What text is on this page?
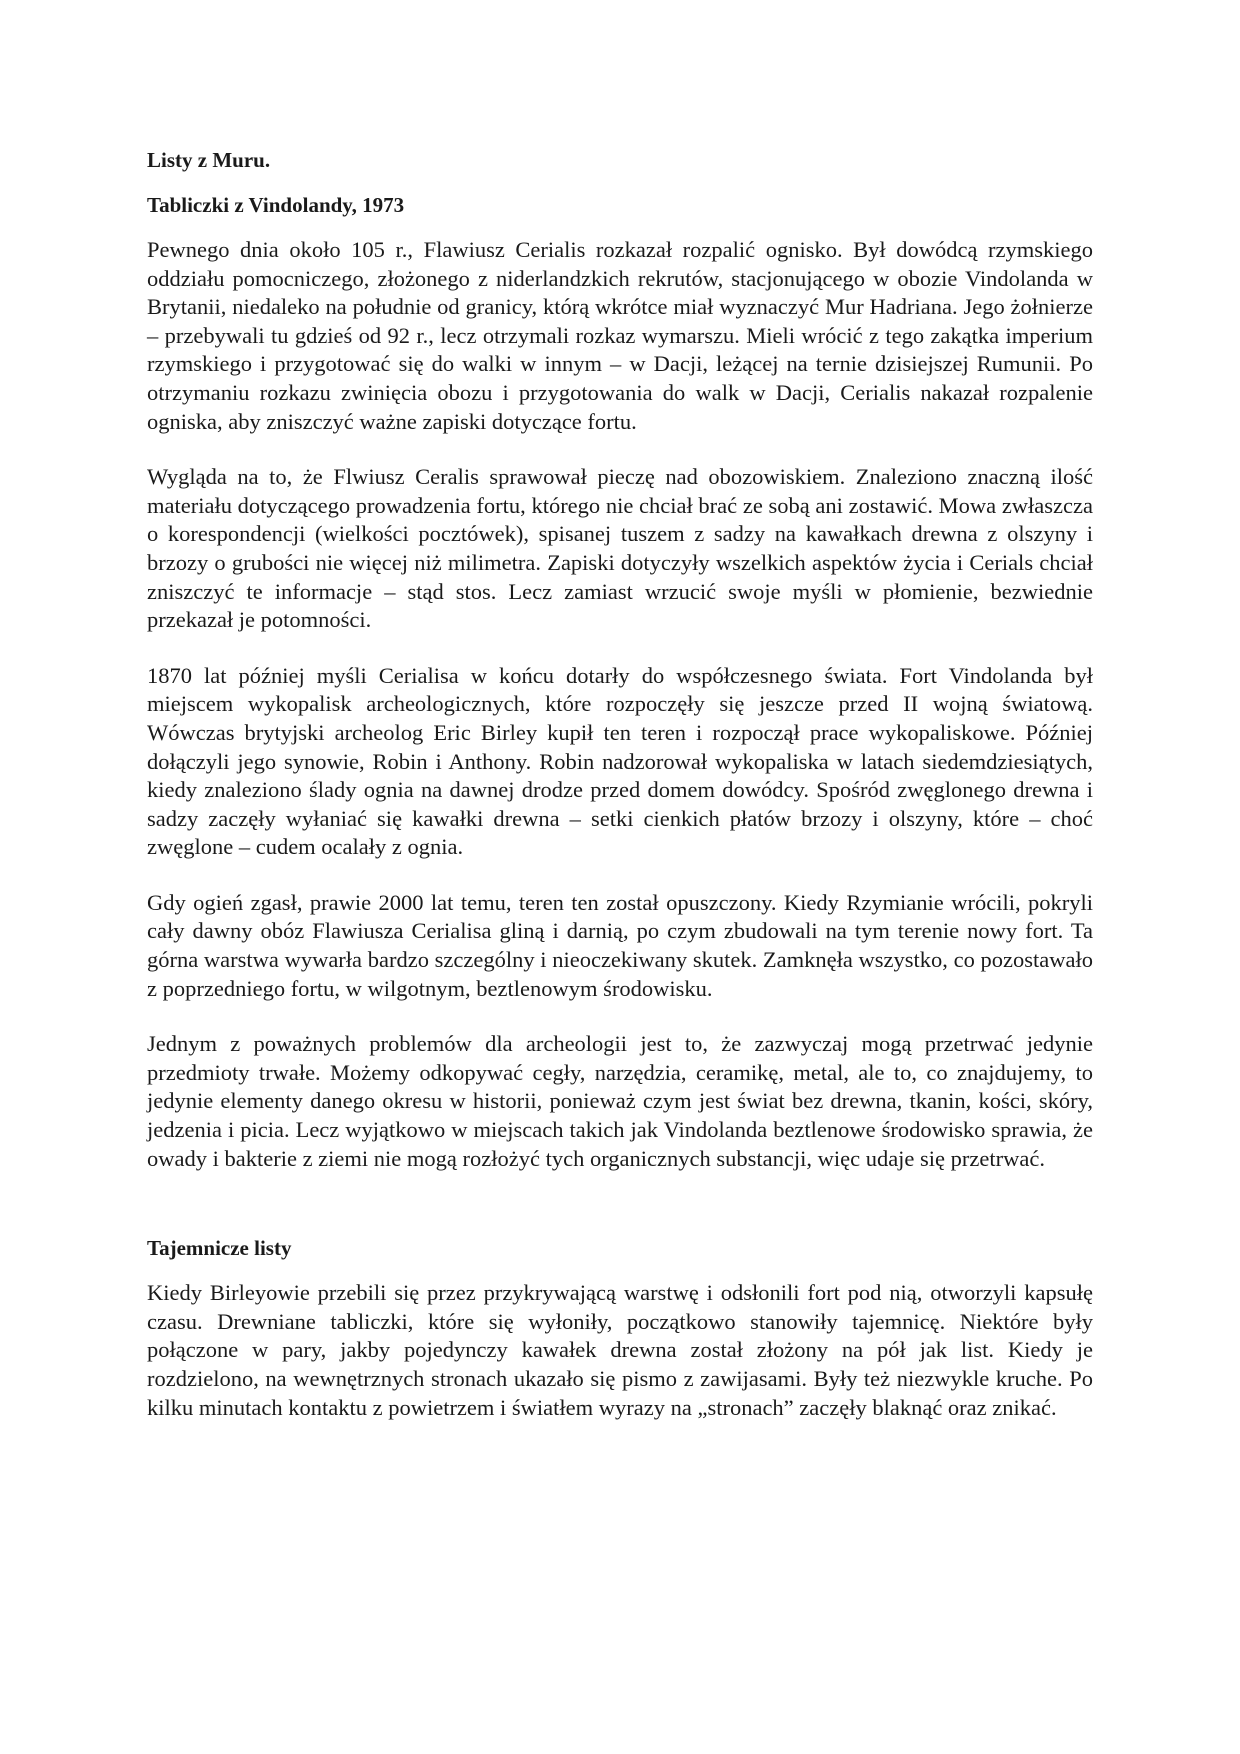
Listy z Muru.
Tabliczki z Vindolandy, 1973

Pewnego dnia około 105 r., Flawiusz Cerialis rozkazał rozpalić ognisko. Był dowódcą rzymskiego oddziału pomocniczego, złożonego z niderlandzkich rekrutów, stacjonującego w obozie Vindolanda w Brytanii, niedaleko na południe od granicy, którą wkrótce miał wyznaczyć Mur Hadriana. Jego żołnierze – przebywali tu gdzieś od 92 r., lecz otrzymali rozkaz wymarszu. Mieli wrócić z tego zakątka imperium rzymskiego i przygotować się do walki w innym – w Dacji, leżącej na ternie dzisiejszej Rumunii. Po otrzymaniu rozkazu zwinięcia obozu i przygotowania do walk w Dacji, Cerialis nakazał rozpalenie ogniska, aby zniszczyć ważne zapiski dotyczące fortu.

Wygląda na to, że Flwiusz Ceralis sprawował pieczę nad obozowiskiem. Znaleziono znaczną ilość materiału dotyczącego prowadzenia fortu, którego nie chciał brać ze sobą ani zostawić. Mowa zwłaszcza o korespondencji (wielkości pocztówek), spisanej tuszem z sadzy na kawałkach drewna z olszyny i brzozy o grubości nie więcej niż milimetra. Zapiski dotyczyły wszelkich aspektów życia i Cerials chciał zniszczyć te informacje – stąd stos. Lecz zamiast wrzucić swoje myśli w płomienie, bezwiednie przekazał je potomności.

1870 lat później myśli Cerialisa w końcu dotarły do współczesnego świata. Fort Vindolanda był miejscem wykopalisk archeologicznych, które rozpoczęły się jeszcze przed II wojną światową. Wówczas brytyjski archeolog Eric Birley kupił ten teren i rozpoczął prace wykopaliskowe. Później dołączyli jego synowie, Robin i Anthony. Robin nadzorował wykopaliska w latach siedemdziesiątych, kiedy znaleziono ślady ognia na dawnej drodze przed domem dowódcy. Spośród zwęglonego drewna i sadzy zaczęły wyłaniać się kawałki drewna – setki cienkich płatów brzozy i olszyny, które – choć zwęglone – cudem ocalały z ognia.

Gdy ogień zgasł, prawie 2000 lat temu, teren ten został opuszczony. Kiedy Rzymianie wrócili, pokryli cały dawny obóz Flawiusza Cerialisa gliną i darnią, po czym zbudowali na tym terenie nowy fort. Ta górna warstwa wywarła bardzo szczególny i nieoczekiwany skutek. Zamknęła wszystko, co pozostawało z poprzedniego fortu, w wilgotnym, beztlenowym środowisku.

Jednym z poważnych problemów dla archeologii jest to, że zazwyczaj mogą przetrwać jedynie przedmioty trwałe. Możemy odkopywać cegły, narzędzia, ceramikę, metal, ale to, co znajdujemy, to jedynie elementy danego okresu w historii, ponieważ czym jest świat bez drewna, tkanin, kości, skóry, jedzenia i picia. Lecz wyjątkowo w miejscach takich jak Vindolanda beztlenowe środowisko sprawia, że owady i bakterie z ziemi nie mogą rozłożyć tych organicznych substancji, więc udaje się przetrwać.

Tajemnicze listy

Kiedy Birleyowie przebili się przez przykrywającą warstwę i odsłonili fort pod nią, otworzyli kapsułę czasu. Drewniane tabliczki, które się wyłoniły, początkowo stanowiły tajemnicę. Niektóre były połączone w pary, jakby pojedynczy kawałek drewna został złożony na pół jak list. Kiedy je rozdzielono, na wewnętrznych stronach ukazało się pismo z zawijasami. Były też niezwykle kruche. Po kilku minutach kontaktu z powietrzem i światłem wyrazy na „stronach” zaczęły blaknąć oraz znikać.
